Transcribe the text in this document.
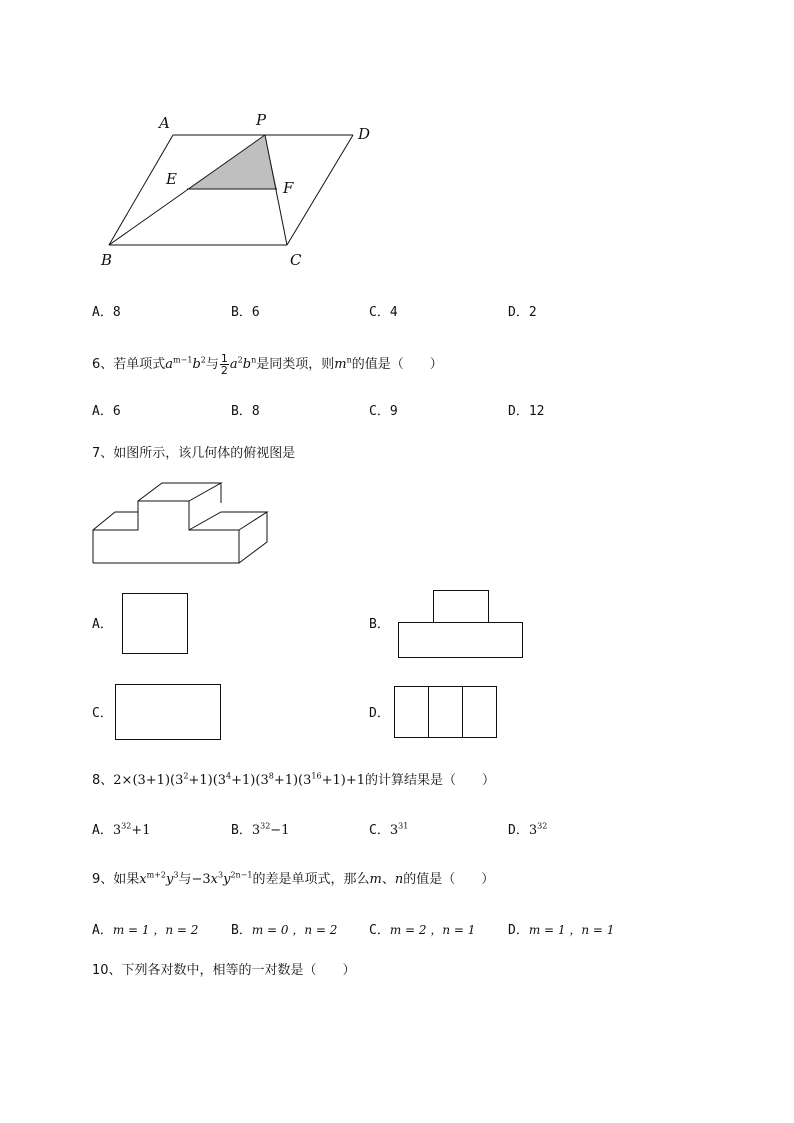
A	P
D
E	F
B	C
A．8	B．6	C．4	D．2
6、若单项式$a^{m-1}b^2$与 $\frac{1}{2} a^2b^n$是同类项，则$m^n$的值是（　　）
A．6	B．8	C．9	D．12
7、如图所示，该几何体的俯视图是
A．	B．
C．	D．
8、$2\times(3+1)(3^2+1)(3^4+1)(3^8+1)(3^{16}+1)+1$的计算结果是（　　）
A．$3^{32}+1$	B．$3^{32}-1$	C．$3^{31}$	D．$3^{32}$
9、如果$x^{m+2}y^3$与$-3x^3y^{2n-1}$的差是单项式，那么m、n的值是（　　）
A．m = 1 ，n = 2	B．m = 0 ，n = 2 C．m = 2 ，n = 1	D．m = 1 ，n = 1
10、下列各对数中，相等的一对数是（　　）
